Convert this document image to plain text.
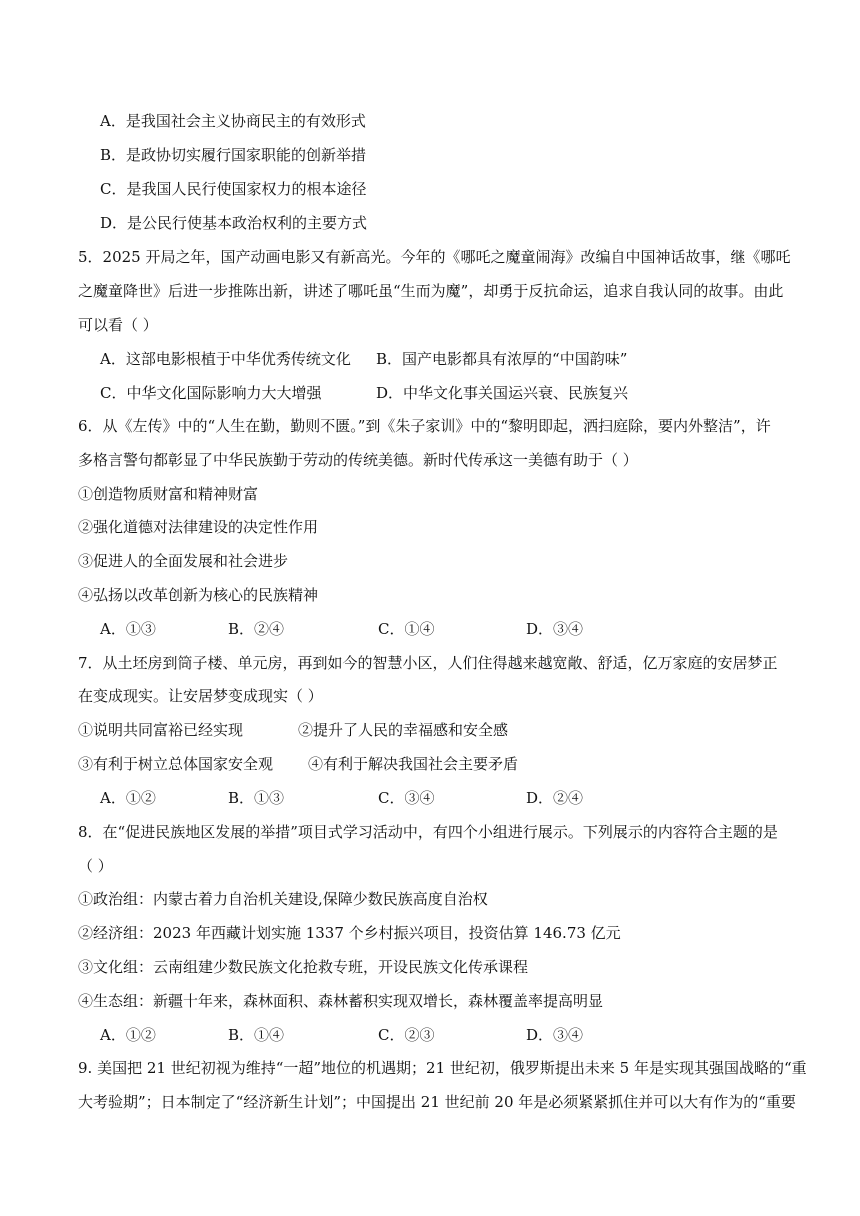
A．是我国社会主义协商民主的有效形式
B．是政协切实履行国家职能的创新举措
C．是我国人民行使国家权力的根本途径
D．是公民行使基本政治权利的主要方式
5．2025 开局之年，国产动画电影又有新高光。今年的《哪吒之魔童闹海》改编自中国神话故事，继《哪吒
之魔童降世》后进一步推陈出新，讲述了哪吒虽“生而为魔”，却勇于反抗命运，追求自我认同的故事。由此
可以看（ ）
A．这部电影根植于中华优秀传统文化 B．国产电影都具有浓厚的“中国韵味”
C．中华文化国际影响力大大增强	D．中华文化事关国运兴衰、民族复兴
6．从《左传》中的“人生在勤，勤则不匮。”到《朱子家训》中的“黎明即起，洒扫庭除，要内外整洁”，许
多格言警句都彰显了中华民族勤于劳动的传统美德。新时代传承这一美德有助于（ ）
①创造物质财富和精神财富
②强化道德对法律建设的决定性作用
③促进人的全面发展和社会进步
④弘扬以改革创新为核心的民族精神
A．①③	B．②④	C．①④	D．③④
7．从土坯房到筒子楼、单元房，再到如今的智慧小区，人们住得越来越宽敞、舒适，亿万家庭的安居梦正
在变成现实。让安居梦变成现实（ ）
①说明共同富裕已经实现	②提升了人民的幸福感和安全感
③有利于树立总体国家安全观 ④有利于解决我国社会主要矛盾
A．①②	B．①③	C．③④	D．②④
8．在“促进民族地区发展的举措”项目式学习活动中，有四个小组进行展示。下列展示的内容符合主题的是
（ ）
①政治组：内蒙古着力自治机关建设,保障少数民族高度自治权
②经济组：2023 年西藏计划实施 1337 个乡村振兴项目，投资估算 146.73 亿元
③文化组：云南组建少数民族文化抢救专班，开设民族文化传承课程
④生态组：新疆十年来，森林面积、森林蓄积实现双增长，森林覆盖率提高明显
A．①②	B．①④	C．②③	D．③④
9. 美国把 21 世纪初视为维持“一超”地位的机遇期；21 世纪初，俄罗斯提出未来 5 年是实现其强国战略的“重
大考验期”；日本制定了“经济新生计划”；中国提出 21 世纪前 20 年是必须紧紧抓住并可以大有作为的“重要
